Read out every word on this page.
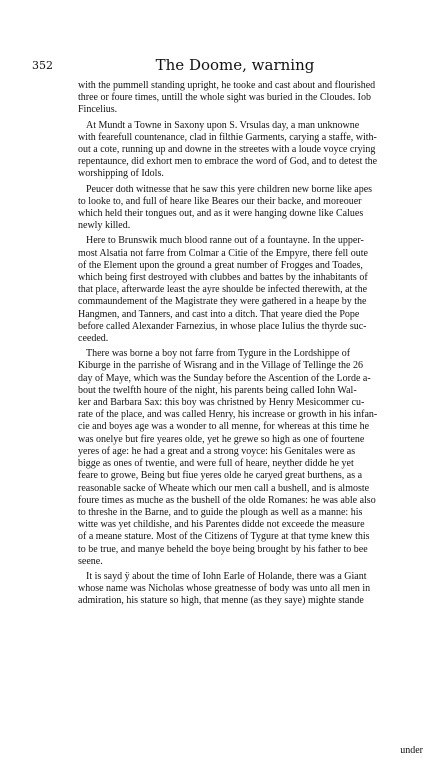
352	The Doome, warning
with the pummell standing upright, he tooke and cast about and flourished
three or foure times, untill the whole sight was buried in the Cloudes. Iob
Fincelius.
At Mundt a Towne in Saxony upon S. Vrsulas day, a man unknowne
with fearefull countenance, clad in filthie Garments, carying a staffe, with-
out a cote, running up and downe in the streetes with a loude voyce crying
repentaunce, did exhort men to embrace the word of God, and to detest the
worshipping of Idols.
Peucer doth witnesse that he saw this yere children new borne like apes
to looke to, and full of heare like Beares our their backe, and moreouer
which held their tongues out, and as it were hanging downe like Calues
newly killed.
Here to Brunswik much blood ranne out of a fountayne. In the upper-
most Alsatia not farre from Colmar a Citie of the Empyre, there fell oute
of the Element upon the ground a great number of Frogges and Toades,
which being first destroyed with clubbes and battes by the inhabitants of
that place, afterwarde least the ayre shoulde be infected therewith, at the
commaundement of the Magistrate they were gathered in a heape by the
Hangmen, and Tanners, and cast into a ditch. That yeare died the Pope
before called Alexander Farnezius, in whose place Iulius the thyrde suc-
ceeded.
There was borne a boy not farre from Tygure in the Lordshippe of
Kiburge in the parrishe of Wisrang and in the Village of Tellinge the 26
day of Maye, which was the Sunday before the Ascention of the Lorde a-
bout the twelfth houre of the night, his parents being called Iohn Wal-
ker and Barbara Sax: this boy was christned by Henry Mesicommer cu-
rate of the place, and was called Henry, his increase or growth in his infan-
cie and boyes age was a wonder to all menne, for whereas at this time he
was onelye but fire yeares olde, yet he grewe so high as one of fourtene
yeres of age: he had a great and a strong voyce: his Genitales were as
bigge as ones of twentie, and were full of heare, neyther didde he yet
feare to growe, Being but fiue yeres olde he caryed great burthens, as a
reasonable sacke of Wheate which our men call a bushell, and is almoste
foure times as muche as the bushell of the olde Romanes: he was able also
to threshe in the Barne, and to guide the plough as well as a manne: his
witte was yet childishe, and his Parentes didde not exceede the measure
of a meane stature. Most of the Citizens of Tygure at that tyme knew this
to be true, and manye beheld the boye being brought by his father to bee
seene.
It is sayd ÿ about the time of Iohn Earle of Holande, there was a Giant
whose name was Nicholas whose greatnesse of body was unto all men in
admiration, his stature so high, that menne (as they saye) mighte stande
under
